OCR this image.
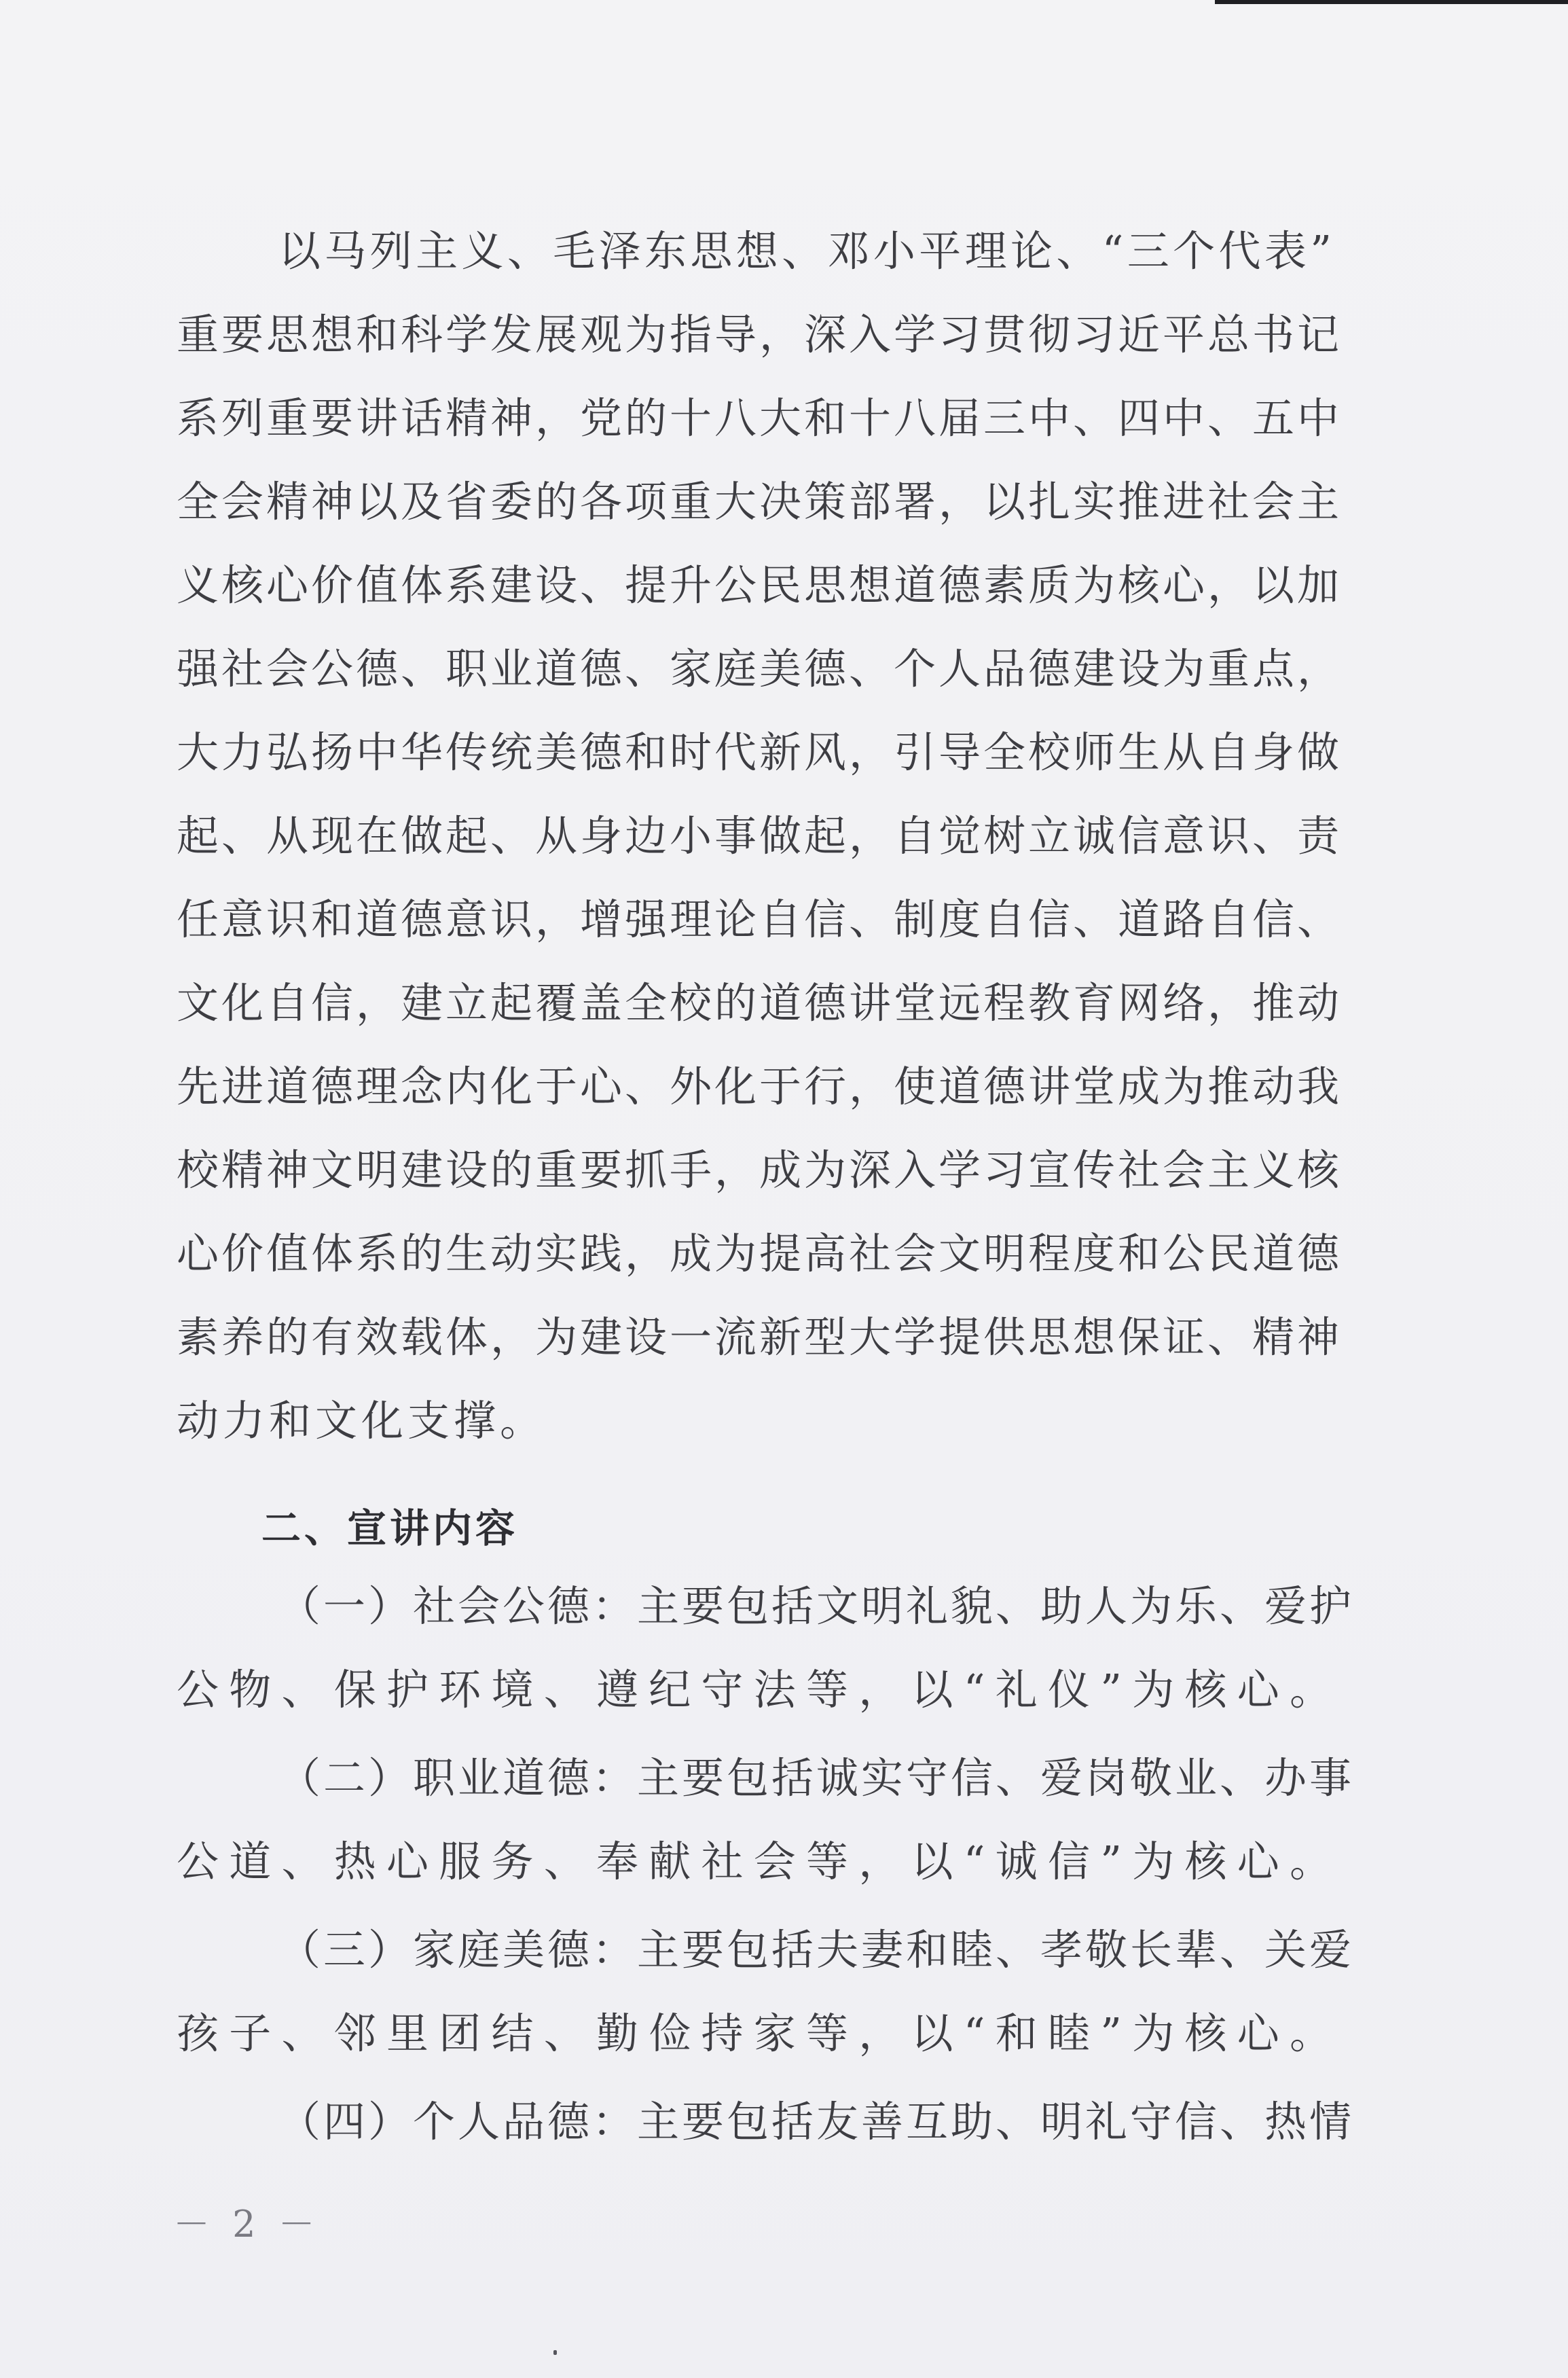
以马列主义、毛泽东思想、邓小平理论、“三个代表”
重要思想和科学发展观为指导，深入学习贯彻习近平总书记
系列重要讲话精神，党的十八大和十八届三中、四中、五中
全会精神以及省委的各项重大决策部署，以扎实推进社会主
义核心价值体系建设、提升公民思想道德素质为核心，以加
强社会公德、职业道德、家庭美德、个人品德建设为重点，
大力弘扬中华传统美德和时代新风，引导全校师生从自身做
起、从现在做起、从身边小事做起，自觉树立诚信意识、责
任意识和道德意识，增强理论自信、制度自信、道路自信、
文化自信，建立起覆盖全校的道德讲堂远程教育网络，推动
先进道德理念内化于心、外化于行，使道德讲堂成为推动我
校精神文明建设的重要抓手，成为深入学习宣传社会主义核
心价值体系的生动实践，成为提高社会文明程度和公民道德
素养的有效载体，为建设一流新型大学提供思想保证、精神
动力和文化支撑。
二、宣讲内容
（一）社会公德：主要包括文明礼貌、助人为乐、爱护
公物、保护环境、遵纪守法等，以“礼仪”为核心。
（二）职业道德：主要包括诚实守信、爱岗敬业、办事
公道、热心服务、奉献社会等，以“诚信”为核心。
（三）家庭美德：主要包括夫妻和睦、孝敬长辈、关爱
孩子、邻里团结、勤俭持家等，以“和睦”为核心。
（四）个人品德：主要包括友善互助、明礼守信、热情
－ 2 －
